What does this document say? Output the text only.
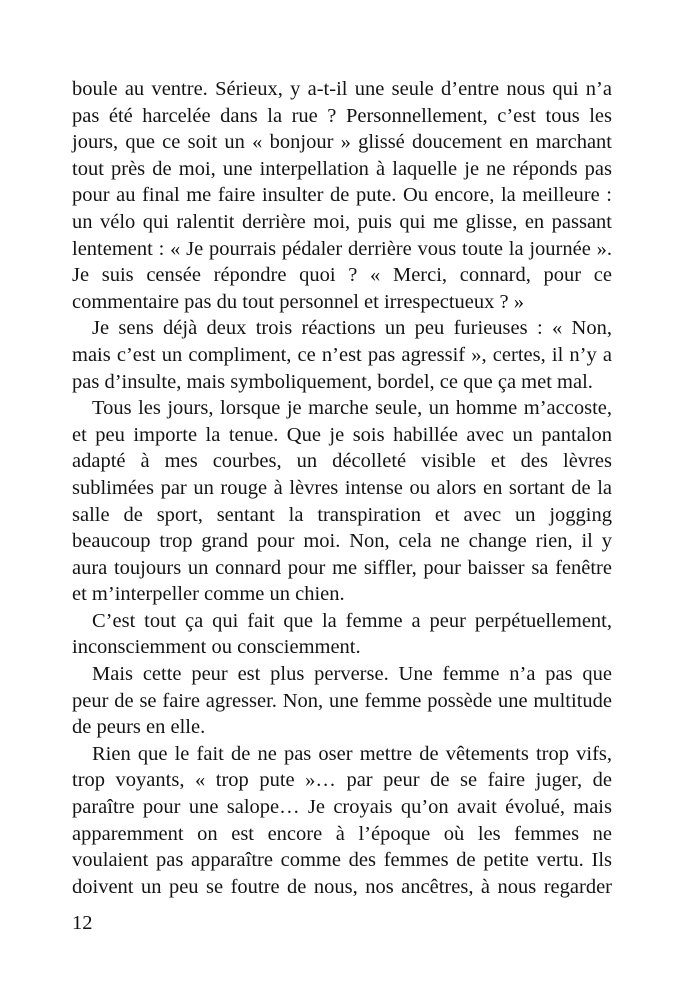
boule au ventre. Sérieux, y a-t-il une seule d’entre nous qui n’a
pas été harcelée dans la rue ? Personnellement, c’est tous les
jours, que ce soit un « bonjour » glissé doucement en marchant
tout près de moi, une interpellation à laquelle je ne réponds pas
pour au final me faire insulter de pute. Ou encore, la meilleure :
un vélo qui ralentit derrière moi, puis qui me glisse, en passant
lentement : « Je pourrais pédaler derrière vous toute la journée ».
Je suis censée répondre quoi ? « Merci, connard, pour ce
commentaire pas du tout personnel et irrespectueux ? »
Je sens déjà deux trois réactions un peu furieuses : « Non,
mais c’est un compliment, ce n’est pas agressif », certes, il n’y a
pas d’insulte, mais symboliquement, bordel, ce que ça met mal.
Tous les jours, lorsque je marche seule, un homme m’accoste,
et peu importe la tenue. Que je sois habillée avec un pantalon
adapté à mes courbes, un décolleté visible et des lèvres
sublimées par un rouge à lèvres intense ou alors en sortant de la
salle de sport, sentant la transpiration et avec un jogging
beaucoup trop grand pour moi. Non, cela ne change rien, il y
aura toujours un connard pour me siffler, pour baisser sa fenêtre
et m’interpeller comme un chien.
C’est tout ça qui fait que la femme a peur perpétuellement,
inconsciemment ou consciemment.
Mais cette peur est plus perverse. Une femme n’a pas que
peur de se faire agresser. Non, une femme possède une multitude
de peurs en elle.
Rien que le fait de ne pas oser mettre de vêtements trop vifs,
trop voyants, « trop pute »… par peur de se faire juger, de
paraître pour une salope… Je croyais qu’on avait évolué, mais
apparemment on est encore à l’époque où les femmes ne
voulaient pas apparaître comme des femmes de petite vertu. Ils
doivent un peu se foutre de nous, nos ancêtres, à nous regarder
12
